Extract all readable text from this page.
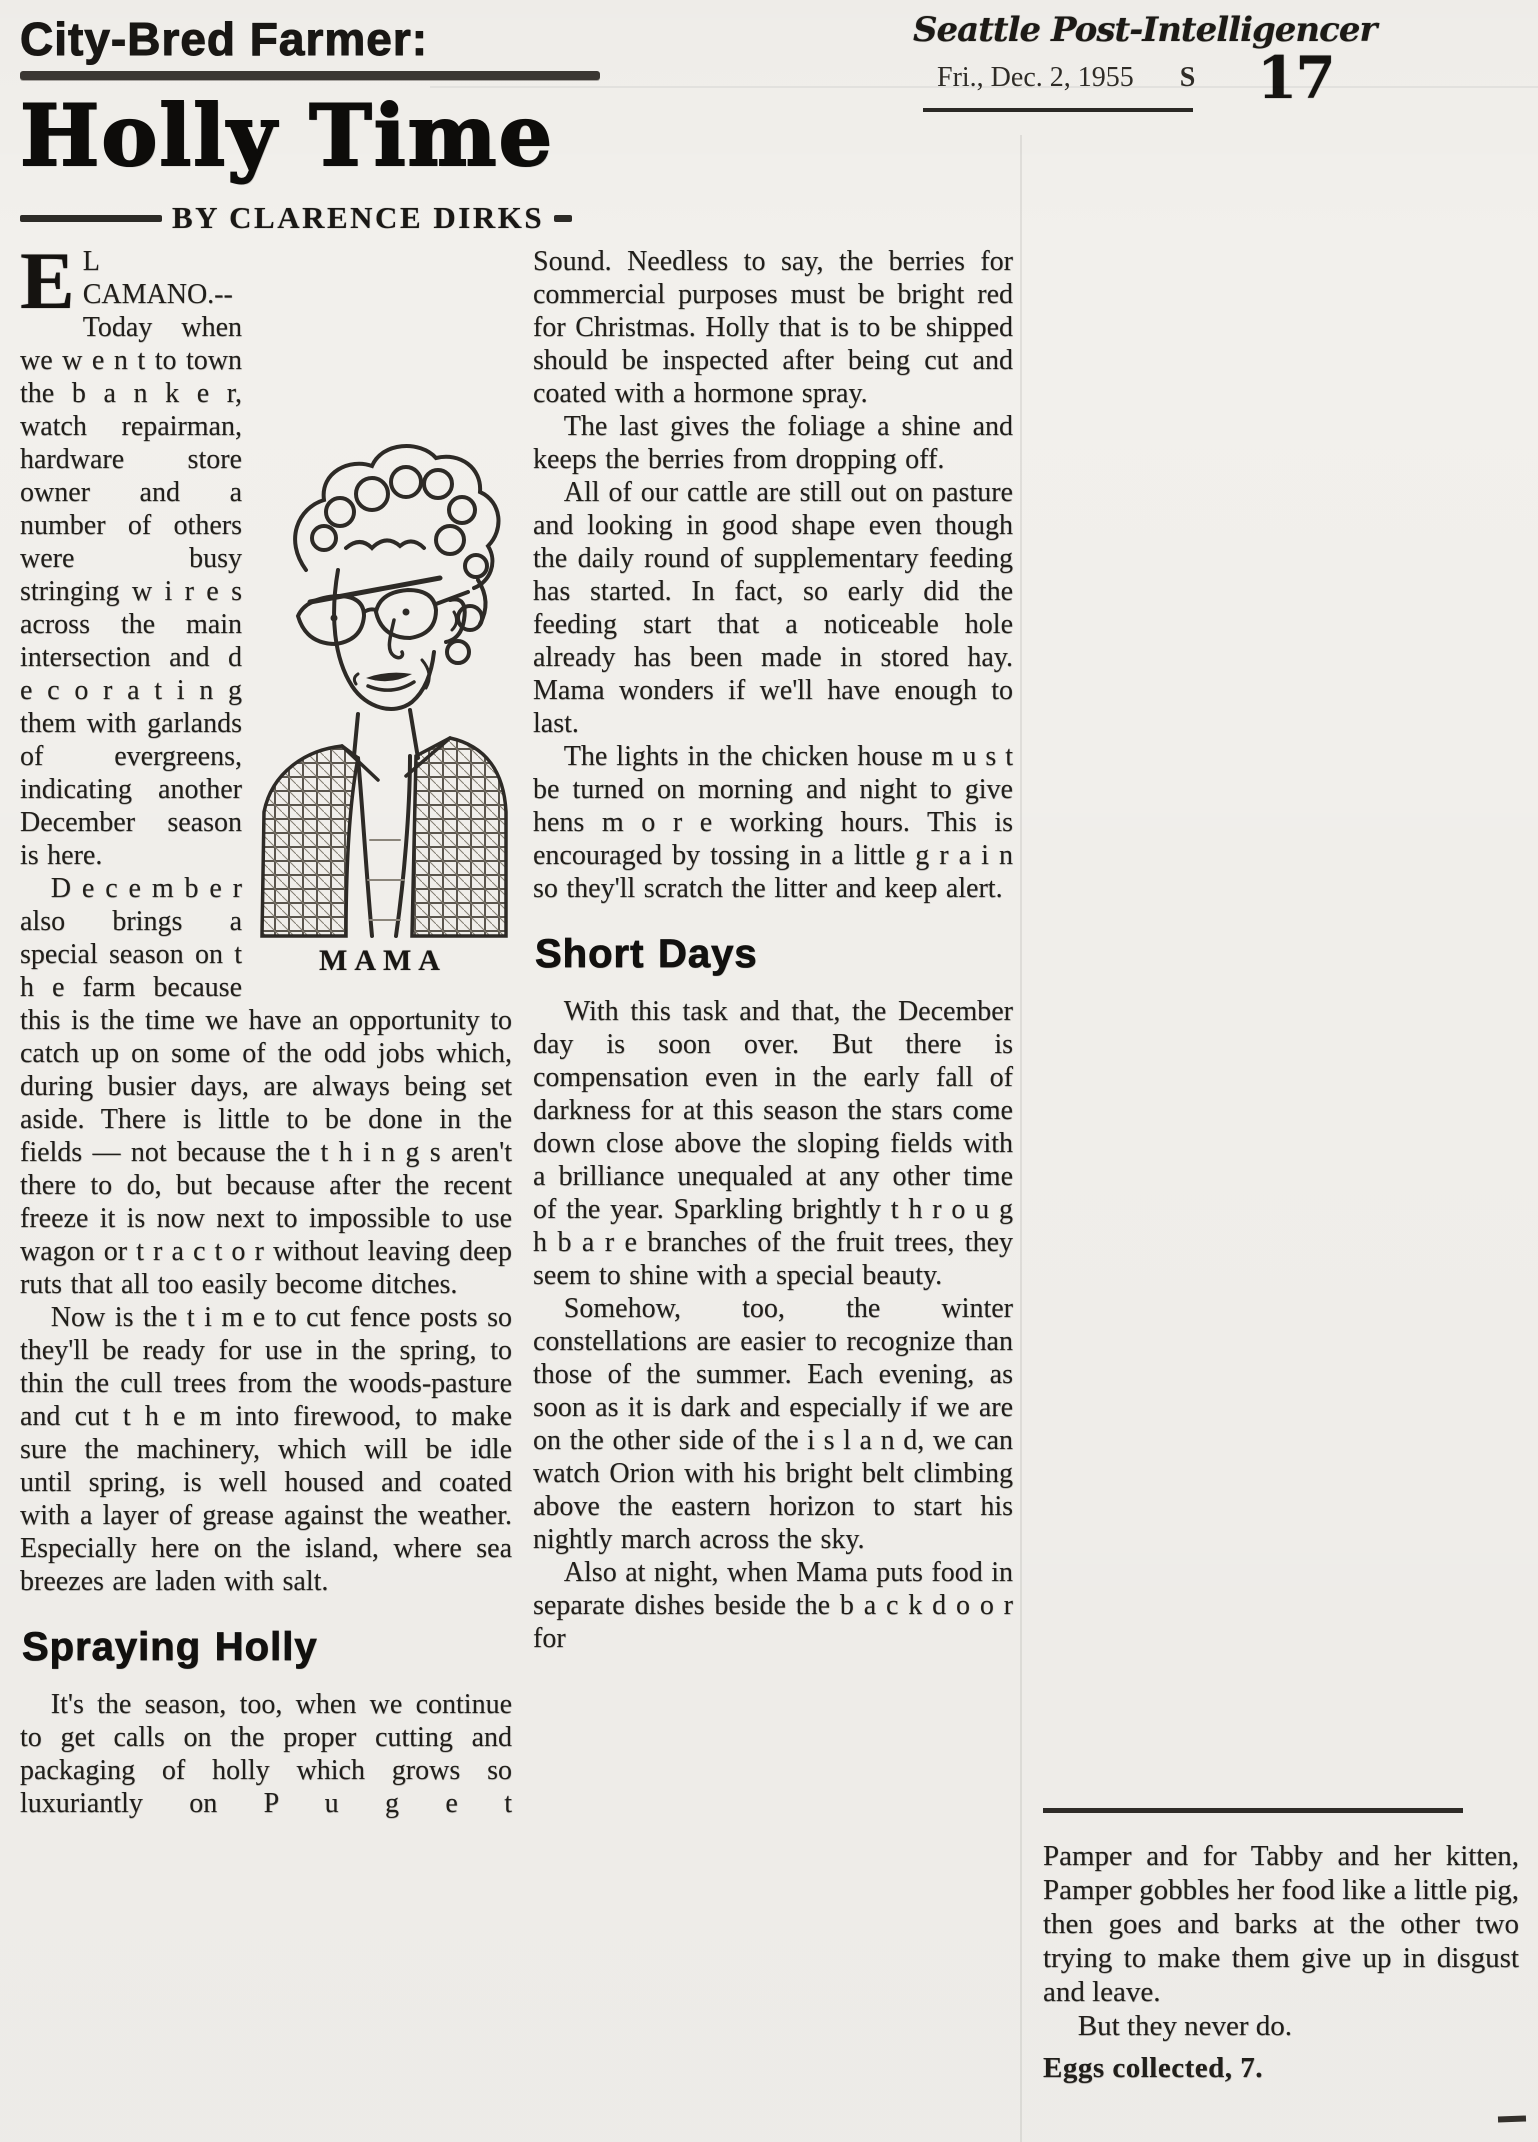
Seattle Post-Intelligencer
Fri., Dec. 2, 1955 S 17
City-Bred Farmer:
Holly Time
BY CLARENCE DIRKS
MAMA

E L CAMANO.--Today when we w e n t to town the b a n k e r, watch repairman, hardware store owner and a number of others were busy stringing w i r e s across the main intersection and d e c o r a t i n g them with garlands of evergreens, indicating another December season is here.

D e c e m b e r also brings a special season on t h e farm because this is the time we have an opportunity to catch up on some of the odd jobs which, during busier days, are always being set aside. There is little to be done in the fields — not because the t h i n g s aren't there to do, but because after the recent freeze it is now next to impossible to use wagon or t r a c t o r without leaving deep ruts that all too easily become ditches.

Now is the t i m e to cut fence posts so they'll be ready for use in the spring, to thin the cull trees from the woods-pasture and cut t h e m into firewood, to make sure the machinery, which will be idle until spring, is well housed and coated with a layer of grease against the weather. Especially here on the island, where sea breezes are laden with salt.

Spraying Holly

It's the season, too, when we continue to get calls on the proper cutting and packaging of holly which grows so luxuriantly on P u g e t

Sound. Needless to say, the berries for commercial purposes must be bright red for Christmas. Holly that is to be shipped should be inspected after being cut and coated with a hormone spray.

The last gives the foliage a shine and keeps the berries from dropping off.

All of our cattle are still out on pasture and looking in good shape even though the daily round of supplementary feeding has started. In fact, so early did the feeding start that a noticeable hole already has been made in stored hay. Mama wonders if we'll have enough to last.

The lights in the chicken house m u s t be turned on morning and night to give hens m o r e working hours. This is encouraged by tossing in a little g r a i n so they'll scratch the litter and keep alert.

Short Days

With this task and that, the December day is soon over. But there is compensation even in the early fall of darkness for at this season the stars come down close above the sloping fields with a brilliance unequaled at any other time of the year. Sparkling brightly t h r o u g h b a r e branches of the fruit trees, they seem to shine with a special beauty.

Somehow, too, the winter constellations are easier to recognize than those of the summer. Each evening, as soon as it is dark and especially if we are on the other side of the i s l a n d, we can watch Orion with his bright belt climbing above the eastern horizon to start his nightly march across the sky.

Also at night, when Mama puts food in separate dishes beside the b a c k d o o r for

Pamper and for Tabby and her kitten, Pamper gobbles her food like a little pig, then goes and barks at the other two trying to make them give up in disgust and leave.

But they never do.

Eggs collected, 7.
